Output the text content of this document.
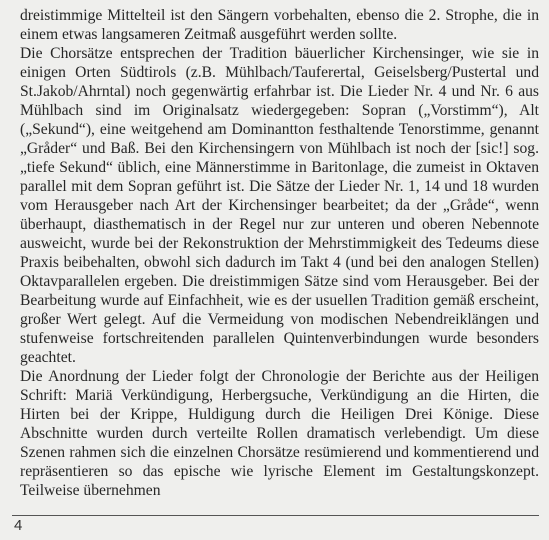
dreistimmige Mittelteil ist den Sängern vorbehalten, ebenso die 2. Strophe, die in einem etwas langsameren Zeitmaß ausgeführt werden sollte.

Die Chorsätze entsprechen der Tradition bäuerlicher Kirchensinger, wie sie in einigen Orten Südtirols (z.B. Mühlbach/Tauferertal, Geiselsberg/Pustertal und St.Jakob/Ahrntal) noch gegenwärtig erfahrbar ist. Die Lieder Nr. 4 und Nr. 6 aus Mühlbach sind im Originalsatz wiedergegeben: Sopran („Vorstimm“), Alt („Sekund“), eine weitgehend am Dominantton festhaltende Tenorstimme, genannt „Gråder“ und Baß. Bei den Kirchensingern von Mühlbach ist noch der [sic!] sog. „tiefe Sekund“ üblich, eine Männerstimme in Baritonlage, die zumeist in Oktaven parallel mit dem Sopran geführt ist. Die Sätze der Lieder Nr. 1, 14 und 18 wurden vom Herausgeber nach Art der Kirchensinger bearbeitet; da der „Gråde“, wenn überhaupt, diasthematisch in der Regel nur zur unteren und oberen Nebennote ausweicht, wurde bei der Rekonstruktion der Mehrstimmigkeit des Tedeums diese Praxis beibehalten, obwohl sich dadurch im Takt 4 (und bei den analogen Stellen) Oktavparallelen ergeben. Die dreistimmigen Sätze sind vom Herausgeber. Bei der Bearbeitung wurde auf Einfachheit, wie es der usuellen Tradition gemäß erscheint, großer Wert gelegt. Auf die Vermeidung von modischen Nebendreiklängen und stufenweise fortschreitenden parallelen Quintenverbindungen wurde besonders geachtet.

Die Anordnung der Lieder folgt der Chronologie der Berichte aus der Heiligen Schrift: Mariä Verkündigung, Herbergsuche, Verkündigung an die Hirten, die Hirten bei der Krippe, Huldigung durch die Heiligen Drei Könige. Diese Abschnitte wurden durch verteilte Rollen dramatisch verlebendigt. Um diese Szenen rahmen sich die einzelnen Chorsätze resümierend und kommentierend und repräsentieren so das epische wie lyrische Element im Gestaltungskonzept. Teilweise übernehmen

4
